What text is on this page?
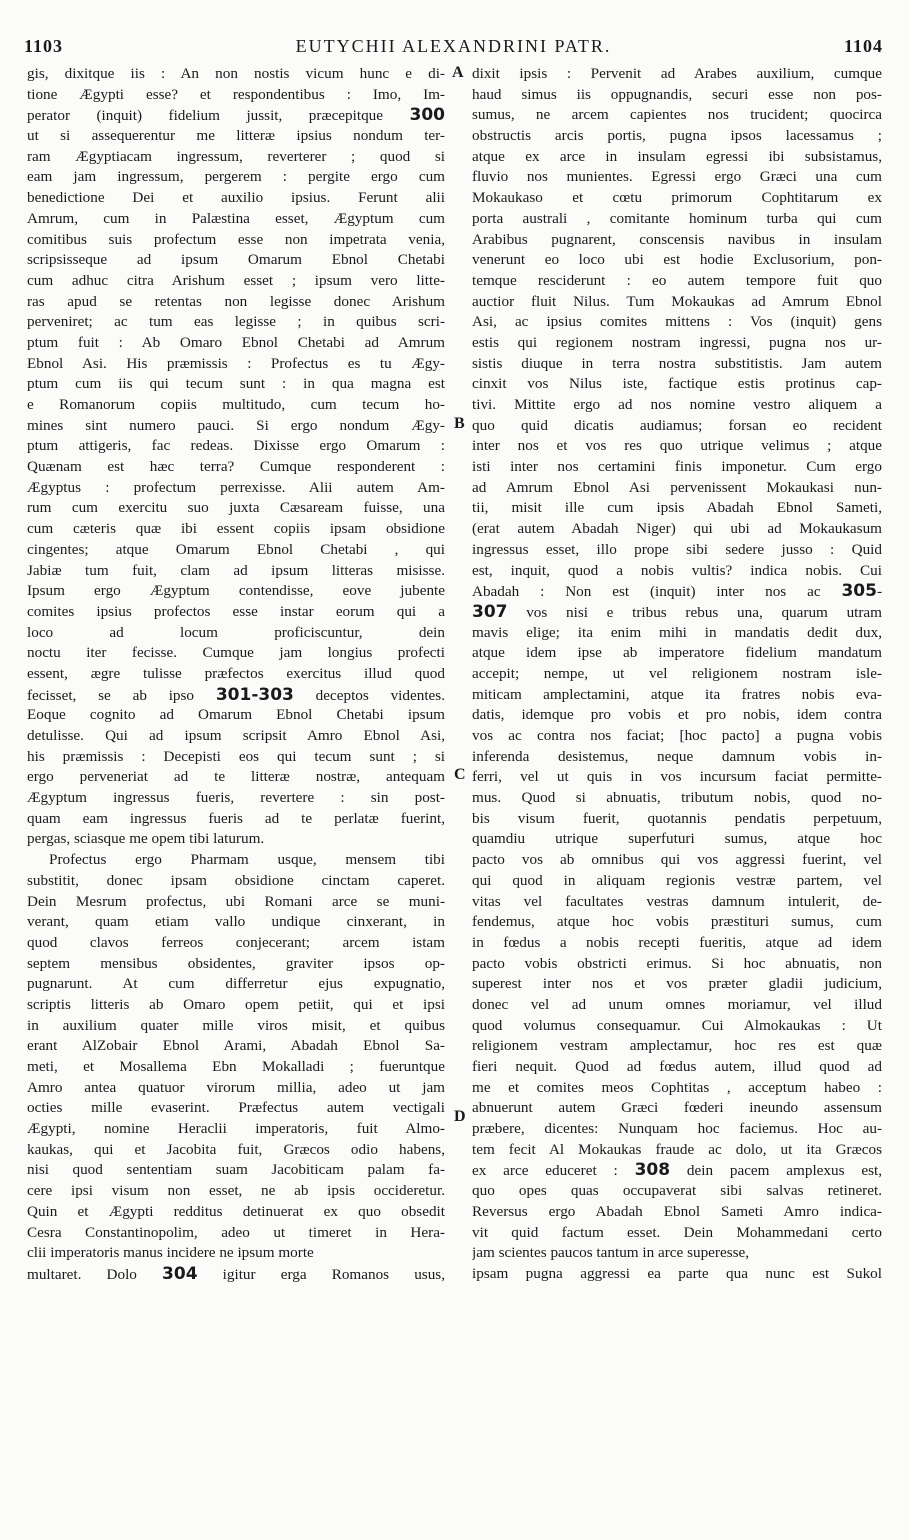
1103	EUTYCHII ALEXANDRINI PATR.	1104
gis, dixitque iis : An non nostis vicum hunc e di-
tione Ægypti esse? et respondentibus : Imo, Im-
perator (inquit) fidelium jussit, præcepitque 300
ut si assequerentur me litteræ ipsius nondum ter-
ram Ægyptiacam ingressum, reverterer ; quod si
eam jam ingressum, pergerem : pergite ergo cum
benedictione Dei et auxilio ipsius. Ferunt alii
Amrum, cum in Palæstina esset, Ægyptum cum
comitibus suis profectum esse non impetrata venia,
scripsisseque ad ipsum Omarum Ebnol Chetabi
cum adhuc citra Arishum esset ; ipsum vero litte-
ras apud se retentas non legisse donec Arishum
perveniret; ac tum eas legisse ; in quibus scri-
ptum fuit : Ab Omaro Ebnol Chetabi ad Amrum
Ebnol Asi. His præmissis : Profectus es tu Ægy-
ptum cum iis qui tecum sunt : in qua magna est
e Romanorum copiis multitudo, cum tecum ho-
mines sint numero pauci. Si ergo nondum Ægy-
ptum attigeris, fac redeas. Dixisse ergo Omarum :
Quænam est hæc terra? Cumque responderent :
Ægyptus : profectum perrexisse. Alii autem Am-
rum cum exercitu suo juxta Cæsaream fuisse, una
cum cæteris quæ ibi essent copiis ipsam obsidione
cingentes; atque Omarum Ebnol Chetabi , qui
Jabiæ tum fuit, clam ad ipsum litteras misisse.
Ipsum ergo Ægyptum contendisse, eove jubente
comites ipsius profectos esse instar eorum qui a
loco ad locum proficiscuntur, dein
noctu iter fecisse. Cumque jam longius profecti
essent, ægre tulisse præfectos exercitus illud quod
fecisset, se ab ipso 301-303 deceptos videntes.
Eoque cognito ad Omarum Ebnol Chetabi ipsum
detulisse. Qui ad ipsum scripsit Amro Ebnol Asi,
his præmissis : Decepisti eos qui tecum sunt ; si
ergo perveneriat ad te litteræ nostræ, antequam
Ægyptum ingressus fueris, revertere : sin post-
quam eam ingressus fueris ad te perlatæ fuerint,
pergas, sciasque me opem tibi laturum.
Profectus ergo Pharmam usque, mensem tibi
substitit, donec ipsam obsidione cinctam caperet.
Dein Mesrum profectus, ubi Romani arce se muni-
verant, quam etiam vallo undique cinxerant, in
quod clavos ferreos conjecerant; arcem istam
septem mensibus obsidentes, graviter ipsos op-
pugnarunt. At cum differretur ejus expugnatio,
scriptis litteris ab Omaro opem petiit, qui et ipsi
in auxilium quater mille viros misit, et quibus
erant AlZobair Ebnol Arami, Abadah Ebnol Sa-
meti, et Mosallema Ebn Mokalladi ; fueruntque
Amro antea quatuor virorum millia, adeo ut jam
octies mille evaserint. Præfectus autem vectigali
Ægypti, nomine Heraclii imperatoris, fuit Almo-
kaukas, qui et Jacobita fuit, Græcos odio habens,
nisi quod sententiam suam Jacobiticam palam fa-
cere ipsi visum non esset, ne ab ipsis occideretur.
Quin et Ægypti redditus detinuerat ex quo obsedit
Cesra Constantinopolim, adeo ut timeret in Hera-
clii imperatoris manus incidere ne ipsum morte
multaret. Dolo 304 igitur erga Romanos usus,
dixit ipsis : Pervenit ad Arabes auxilium, cumque
haud simus iis oppugnandis, securi esse non pos-
sumus, ne arcem capientes nos trucident; quocirca
obstructis arcis portis, pugna ipsos lacessamus ;
atque ex arce in insulam egressi ibi subsistamus,
fluvio nos munientes. Egressi ergo Græci una cum
Mokaukaso et cœtu primorum Cophtitarum ex
porta australi , comitante hominum turba qui cum
Arabibus pugnarent, conscensis navibus in insulam
venerunt eo loco ubi est hodie Exclusorium, pon-
temque resciderunt : eo autem tempore fuit quo
auctior fluit Nilus. Tum Mokaukas ad Amrum Ebnol
Asi, ac ipsius comites mittens : Vos (inquit) gens
estis qui regionem nostram ingressi, pugna nos ur-
sistis diuque in terra nostra substitistis. Jam autem
cinxit vos Nilus iste, factique estis protinus cap-
tivi. Mittite ergo ad nos nomine vestro aliquem a
quo quid dicatis audiamus; forsan eo recident
inter nos et vos res quo utrique velimus ; atque
isti inter nos certamini finis imponetur. Cum ergo
ad Amrum Ebnol Asi pervenissent Mokaukasi nun-
tii, misit ille cum ipsis Abadah Ebnol Sameti,
(erat autem Abadah Niger) qui ubi ad Mokaukasum
ingressus esset, illo prope sibi sedere jusso : Quid
est, inquit, quod a nobis vultis? indica nobis. Cui
Abadah : Non est (inquit) inter nos ac 305-
307 vos nisi e tribus rebus una, quarum utram
mavis elige; ita enim mihi in mandatis dedit dux,
atque idem ipse ab imperatore fidelium mandatum
accepit; nempe, ut vel religionem nostram isle-
miticam amplectamini, atque ita fratres nobis eva-
datis, idemque pro vobis et pro nobis, idem contra
vos ac contra nos faciat; [hoc pacto] a pugna vobis
inferenda desistemus, neque damnum vobis in-
ferri, vel ut quis in vos incursum faciat permitte-
mus. Quod si abnuatis, tributum nobis, quod no-
bis visum fuerit, quotannis pendatis perpetuum,
quamdiu utrique superfuturi sumus, atque hoc
pacto vos ab omnibus qui vos aggressi fuerint, vel
qui quod in aliquam regionis vestræ partem, vel
vitas vel facultates vestras damnum intulerit, de-
fendemus, atque hoc vobis præstituri sumus, cum
in fœdus a nobis recepti fueritis, atque ad idem
pacto vobis obstricti erimus. Si hoc abnuatis, non
superest inter nos et vos præter gladii judicium,
donec vel ad unum omnes moriamur, vel illud
quod volumus consequamur. Cui Almokaukas : Ut
religionem vestram amplectamur, hoc res est quæ
fieri nequit. Quod ad fœdus autem, illud quod ad
me et comites meos Cophtitas , acceptum habeo :
abnuerunt autem Græci fœderi ineundo assensum
præbere, dicentes: Nunquam hoc faciemus. Hoc au-
tem fecit Al Mokaukas fraude ac dolo, ut ita Græcos
ex arce educeret : 308 dein pacem amplexus est,
quo opes quas occupaverat sibi salvas retineret.
Reversus ergo Abadah Ebnol Sameti Amro indica-
vit quid factum esset. Dein Mohammedani certo
jam scientes paucos tantum in arce superesse,
ipsam pugna aggressi ea parte qua nunc est Sukol
A
B
C
D
